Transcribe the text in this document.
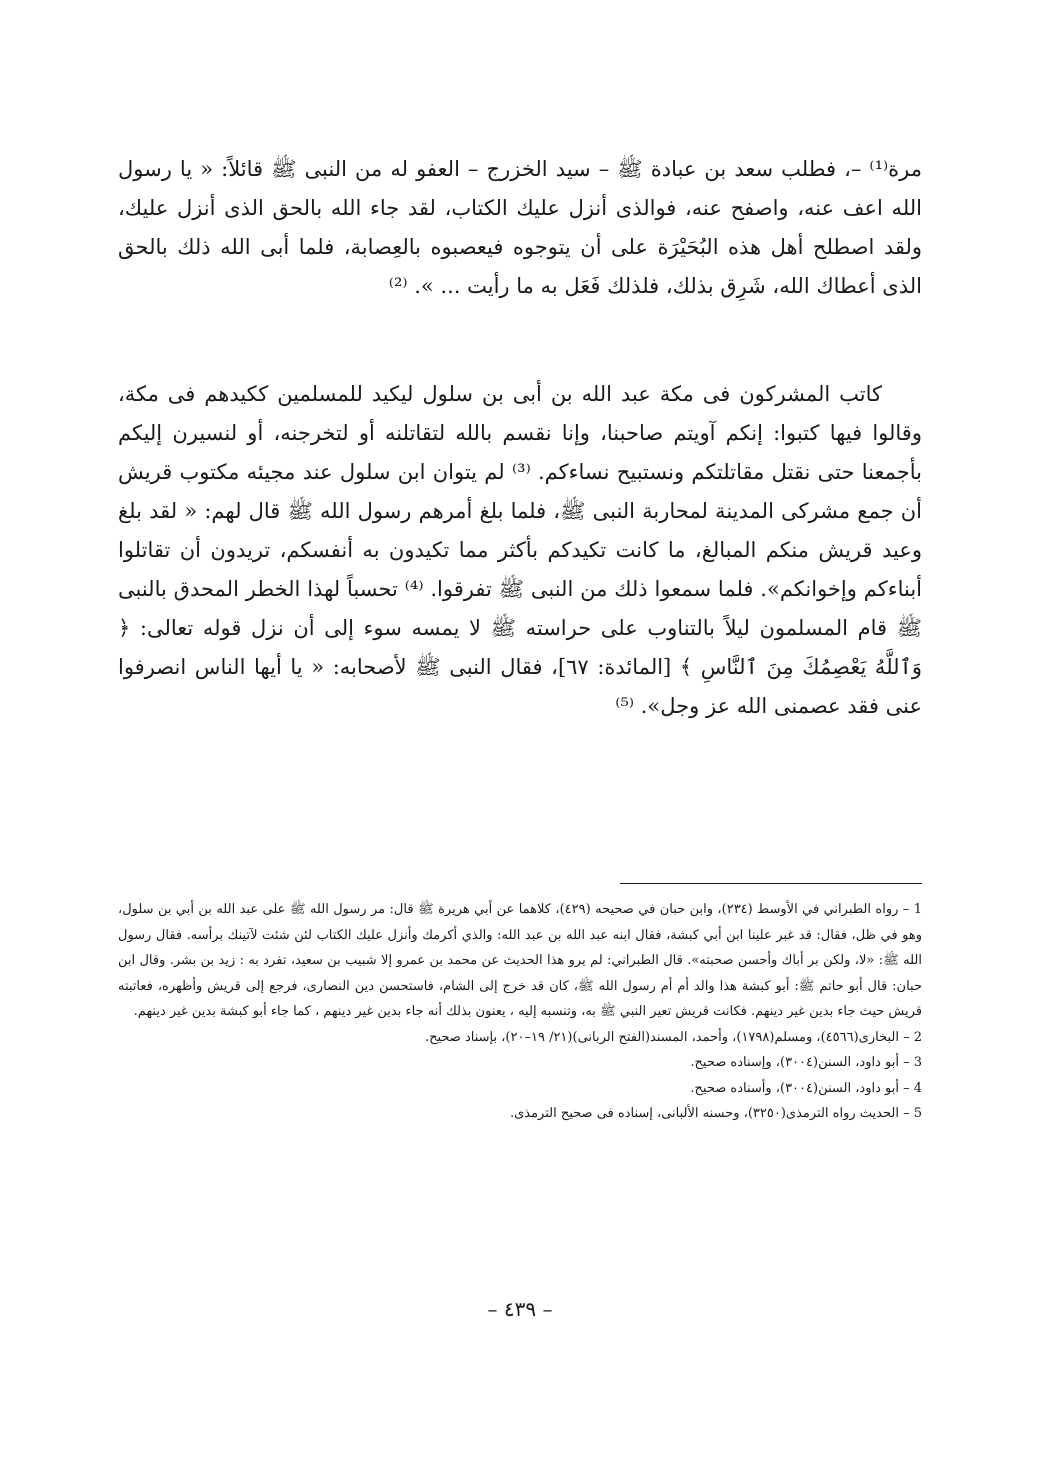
مرة⁽¹⁾ –، فطلب سعد بن عبادة ﷺ – سيد الخزرج – العفو له من النبى ﷺ قائلاً: « يا رسول الله اعف عنه، واصفح عنه، فوالذى أنزل عليك الكتاب، لقد جاء الله بالحق الذى أنزل عليك، ولقد اصطلح أهل هذه البُحَيْرَة على أن يتوجوه فيعصبوه بالعِصابة، فلما أبى الله ذلك بالحق الذى أعطاك الله، شَرِق بذلك، فلذلك فَعَل به ما رأيت ... ». ⁽²⁾

كاتب المشركون فى مكة عبد الله بن أبى بن سلول ليكيد للمسلمين ككيدهم فى مكة، وقالوا فيها كتبوا: إنكم آويتم صاحبنا، وإنا نقسم بالله لتقاتلنه أو لتخرجنه، أو لنسيرن إليكم بأجمعنا حتى نقتل مقاتلتكم ونستبيح نساءكم. ⁽³⁾ لم يتوان ابن سلول عند مجيئه مكتوب قريش أن جمع مشركى المدينة لمحاربة النبى ﷺ، فلما بلغ أمرهم رسول الله ﷺ قال لهم: « لقد بلغ وعيد قريش منكم المبالغ، ما كانت تكيدكم بأكثر مما تكيدون به أنفسكم، تريدون أن تقاتلوا أبناءكم وإخوانكم». فلما سمعوا ذلك من النبى ﷺ تفرقوا. ⁽⁴⁾ تحسباً لهذا الخطر المحدق بالنبى ﷺ قام المسلمون ليلاً بالتناوب على حراسته ﷺ لا يمسه سوء إلى أن نزل قوله تعالى: ﴿ وَٱللَّهُ يَعْصِمُكَ مِنَ ٱلنَّاسِ ﴾ [المائدة: ٦٧]، فقال النبى ﷺ لأصحابه: « يا أيها الناس انصرفوا عنى فقد عصمنى الله عز وجل». ⁽⁵⁾

1 – رواه الطبراني في الأوسط (٢٣٤)، وابن حبان في صحيحه (٤٢٩)، كلاهما عن أبي هريرة ﷺ قال: مر رسول الله ﷺ على عبد الله بن أبي بن سلول، وهو في ظل، فقال: قد غبر علينا ابن أبي كبشة، فقال ابنه عبد الله بن عبد الله: والذي أكرمك وأنزل عليك الكتاب لئن شئت لآتينك برأسه. فقال رسول الله ﷺ: «لا، ولكن بر أباك وأحسن صحبته». قال الطبراني: لم يرو هذا الحديث عن محمد بن عمرو إلا شبيب بن سعيد، تفرد به : زيد بن بشر. وقال ابن حبان: قال أبو حاتم ﷺ: أبو كبشة هذا والد أم أم رسول الله ﷺ، كان قد خرج إلى الشام، فاستحسن دين النصارى، فرجع إلى قريش وأظهره، فعاتبته قريش حيث جاء بدين غير دينهم. فكانت قريش تعير النبي ﷺ به، وتنسبه إليه ، يعنون بذلك أنه جاء بدين غير دينهم ، كما جاء أبو كبشة بدين غير دينهم.

2 – البخارى(٤٥٦٦)، ومسلم(١٧٩٨)، وأحمد، المسند(الفتح الربانى)(٢١/ ١٩–٢٠)، بإسناد صحيح.

3 – أبو داود، السنن(٣٠٠٤)، وإسناده صحيح.

4 – أبو داود، السنن(٣٠٠٤)، وأسناده صحيح.

5 – الحديث رواه الترمذى(٣٢٥٠)، وحسنه الألبانى، إسناده فى صحيح الترمذى.

– ٤٣٩ –
